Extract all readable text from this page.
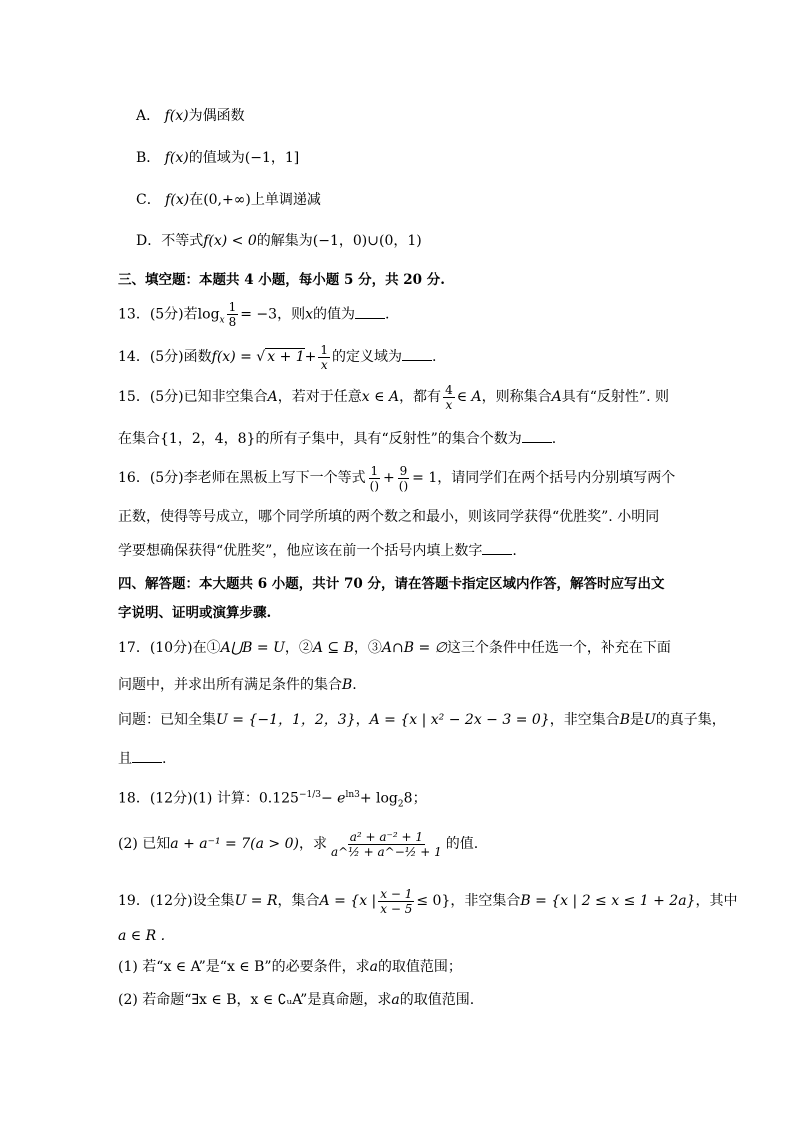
A． f(x)为偶函数
B． f(x)的值域为(−1，1]
C． f(x)在(0,+∞)上单调递减
D．不等式f(x) < 0的解集为(−1，0)∪(0，1)
三、填空题：本题共 4 小题，每小题 5 分，共 20 分.
13．(5分)若$\log_x \frac{1}{8} = -3$，则x的值为 .
14．(5分)函数f(x) = √ $x + 1+ \frac{1}{x}$ 的定义域为 .
15．(5分)已知非空集合A，若对于任意x ∈ A，都有 $\frac{4}{x}$ ∈ A，则称集合A具有“反射性”. 则
在集合{1，2，4，8}的所有子集中，具有“反射性”的集合个数为 .
16．(5分)李老师在黑板上写下一个等式 $\frac{1}{()} + \frac{9}{()} = 1$，请同学们在两个括号内分别填写两个
正数，使得等号成立，哪个同学所填的两个数之和最小，则该同学获得“优胜奖”. 小明同
学要想确保获得“优胜奖”，他应该在前一个括号内填上数字 .
四、解答题：本大题共 6 小题，共计 70 分，请在答题卡指定区域内作答，解答时应写出文
字说明、证明或演算步骤.
17．(10分)在①A⋃B = U，②A ⊆ B，③A∩B = ∅这三个条件中任选一个，补充在下面
问题中，并求出所有满足条件的集合B.
问题：已知全集U = {−1，1，2，3}，A = {x | x² − 2x − 3 = 0}，非空集合B是U的真子集，
且 .
18．(12分)(1) 计算：$0.125^{-1/3}- e^{ln3}+ \log_28$；
(2) 已知a + a⁻¹ = 7(a > 0)，求 $\frac{\text{a² + a⁻² + 1}}{\text{a\textasciicircum{}½ + a\textasciicircum{}−½ + 1}}$ 的值.
19．(12分)设全集U = R，集合A = {x | $\frac{x - 1}{x - 5} \le 0$}，非空集合B = {x | 2 ≤ x ≤ 1 + 2a}，其中
a ∈ R .
(1) 若“x ∈ A”是“x ∈ B”的必要条件，求a的取值范围；
(2) 若命题“∃x ∈ B，x ∈ ∁ᵤA”是真命题，求a的取值范围.
